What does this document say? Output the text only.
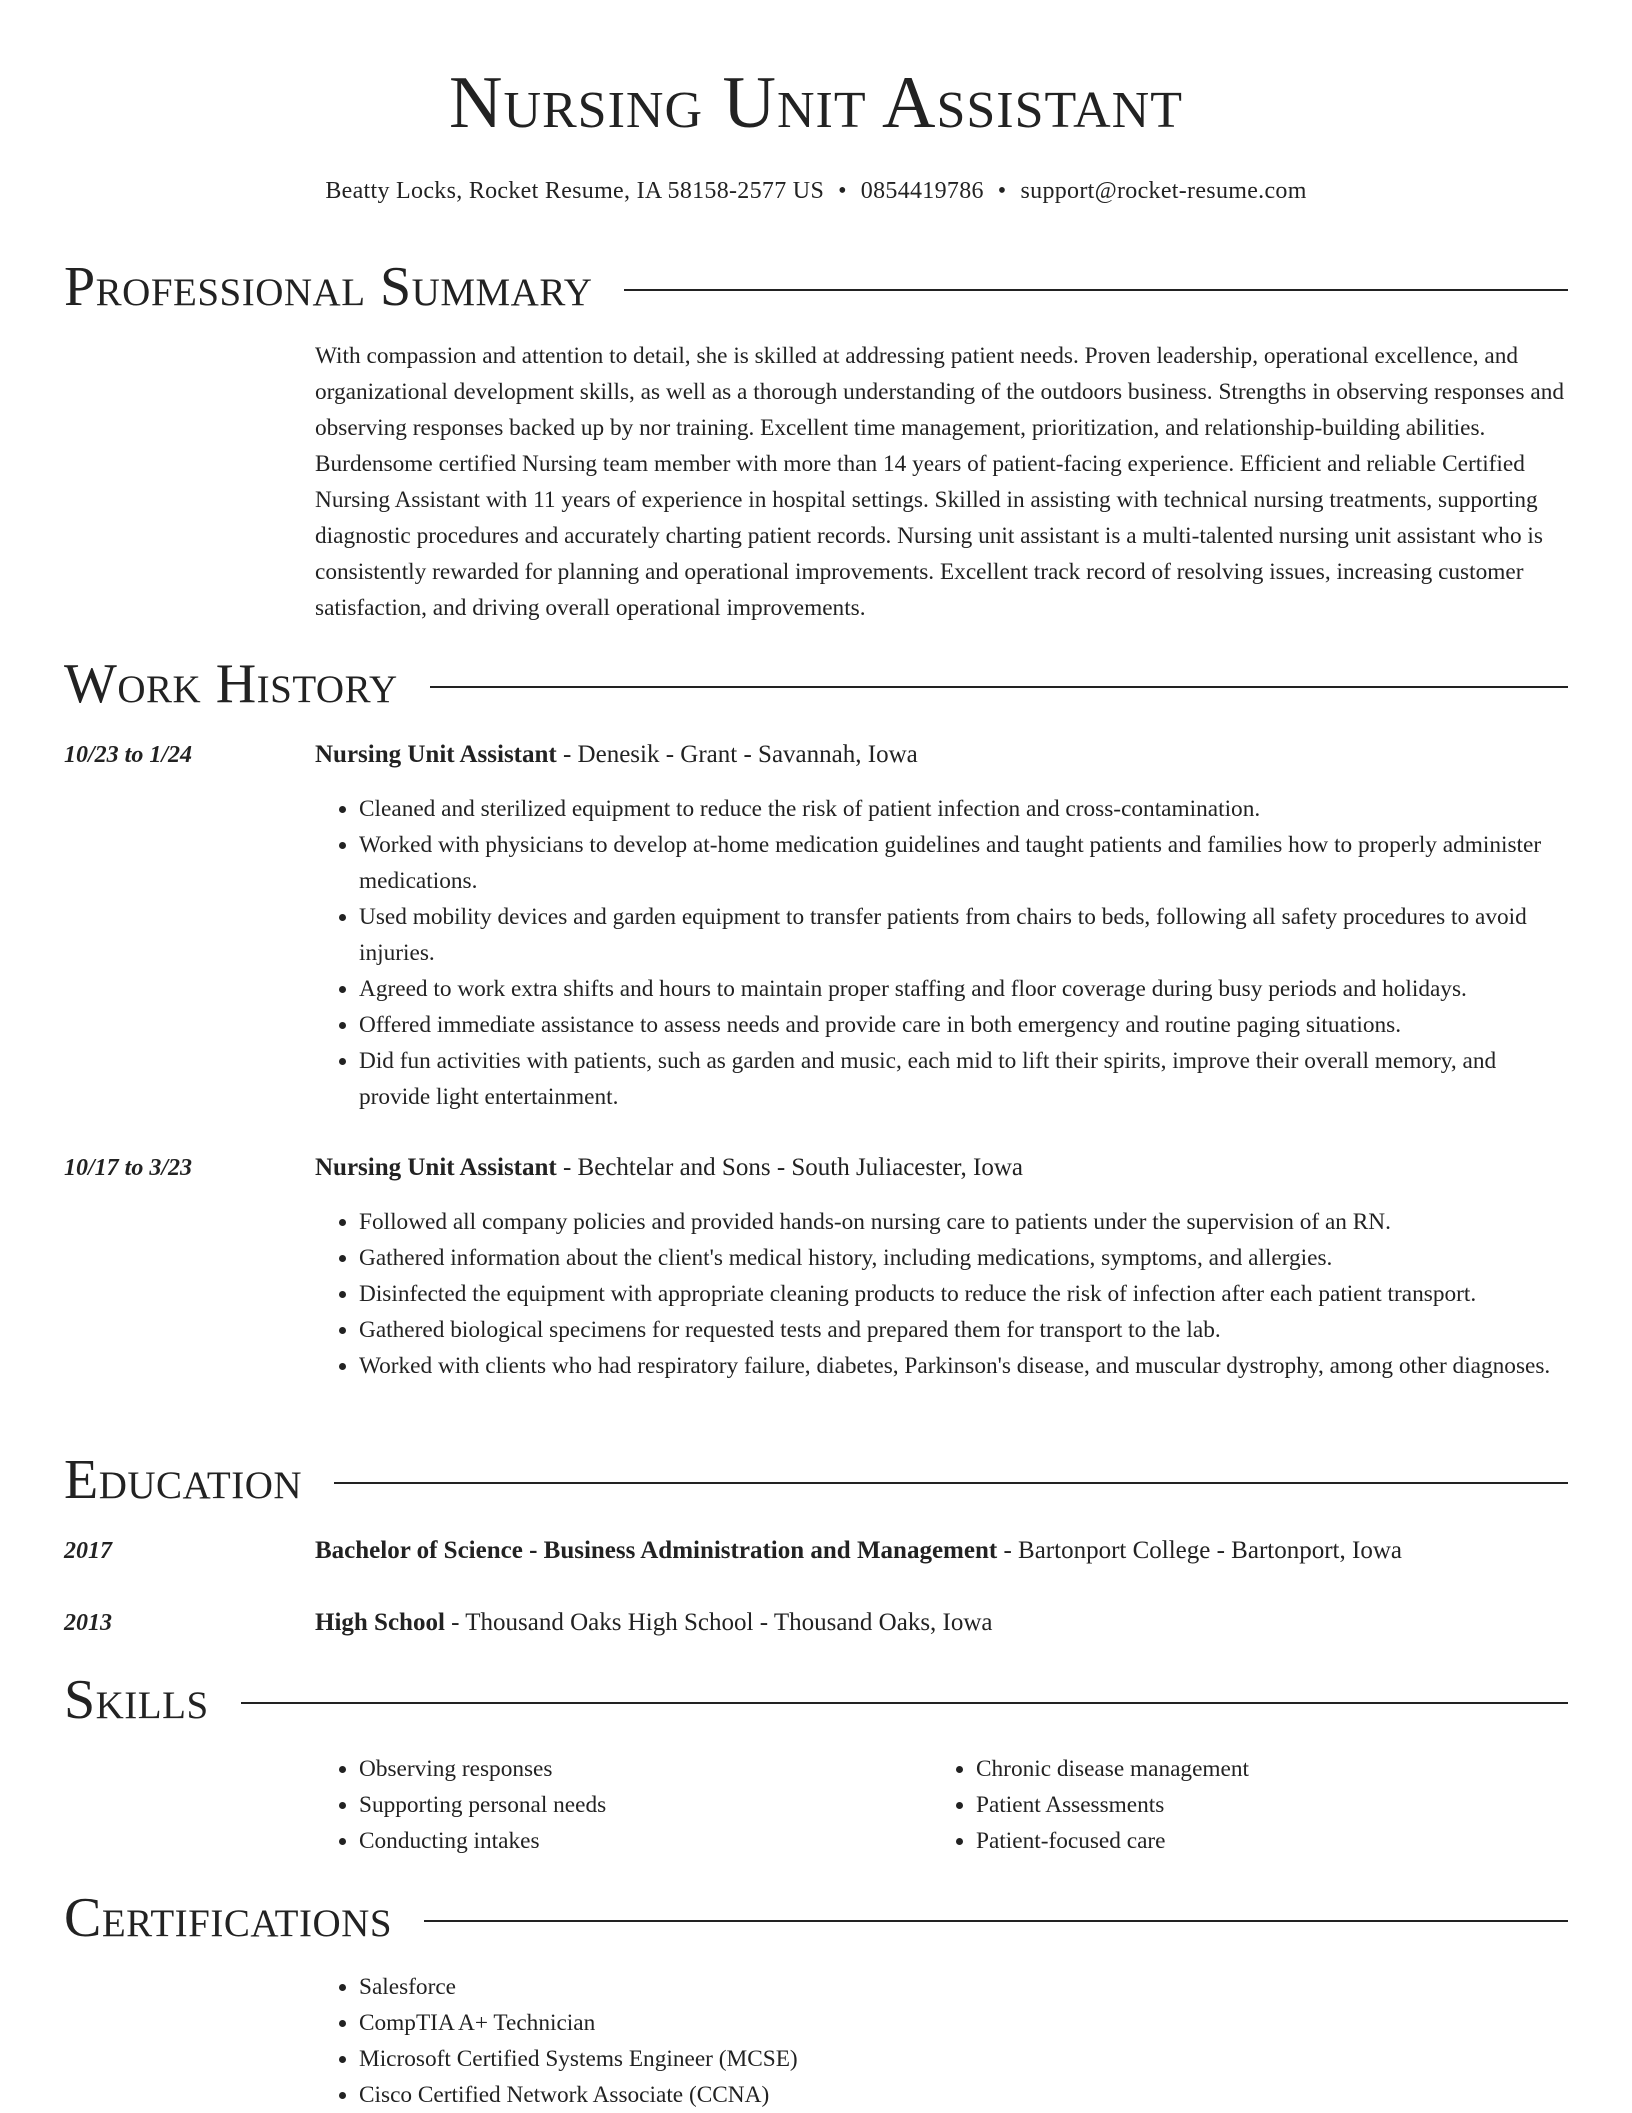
Nursing Unit Assistant
Beatty Locks, Rocket Resume, IA 58158-2577 US • 0854419786 • support@rocket-resume.com
Professional Summary

With compassion and attention to detail, she is skilled at addressing patient needs. Proven leadership, operational excellence, and organizational development skills, as well as a thorough understanding of the outdoors business. Strengths in observing responses and observing responses backed up by nor training. Excellent time management, prioritization, and relationship-building abilities. Burdensome certified Nursing team member with more than 14 years of patient-facing experience. Efficient and reliable Certified Nursing Assistant with 11 years of experience in hospital settings. Skilled in assisting with technical nursing treatments, supporting diagnostic procedures and accurately charting patient records. Nursing unit assistant is a multi-talented nursing unit assistant who is consistently rewarded for planning and operational improvements. Excellent track record of resolving issues, increasing customer satisfaction, and driving overall operational improvements.

Work History
10/23 to 1/24	Nursing Unit Assistant - Denesik - Grant - Savannah, Iowa
• Cleaned and sterilized equipment to reduce the risk of patient infection and cross-contamination.
• Worked with physicians to develop at-home medication guidelines and taught patients and families how to properly administer medications.
• Used mobility devices and garden equipment to transfer patients from chairs to beds, following all safety procedures to avoid injuries.
• Agreed to work extra shifts and hours to maintain proper staffing and floor coverage during busy periods and holidays.
• Offered immediate assistance to assess needs and provide care in both emergency and routine paging situations.
• Did fun activities with patients, such as garden and music, each mid to lift their spirits, improve their overall memory, and provide light entertainment.
10/17 to 3/23	Nursing Unit Assistant - Bechtelar and Sons - South Juliacester, Iowa
• Followed all company policies and provided hands-on nursing care to patients under the supervision of an RN.
• Gathered information about the client's medical history, including medications, symptoms, and allergies.
• Disinfected the equipment with appropriate cleaning products to reduce the risk of infection after each patient transport.
• Gathered biological specimens for requested tests and prepared them for transport to the lab.
• Worked with clients who had respiratory failure, diabetes, Parkinson's disease, and muscular dystrophy, among other diagnoses.
Education
2017	Bachelor of Science - Business Administration and Management - Bartonport College - Bartonport, Iowa
2013	High School - Thousand Oaks High School - Thousand Oaks, Iowa
Skills
• Observing responses
• Supporting personal needs
• Conducting intakes
• Chronic disease management
• Patient Assessments
• Patient-focused care
Certifications
• Salesforce
• CompTIA A+ Technician
• Microsoft Certified Systems Engineer (MCSE)
• Cisco Certified Network Associate (CCNA)
